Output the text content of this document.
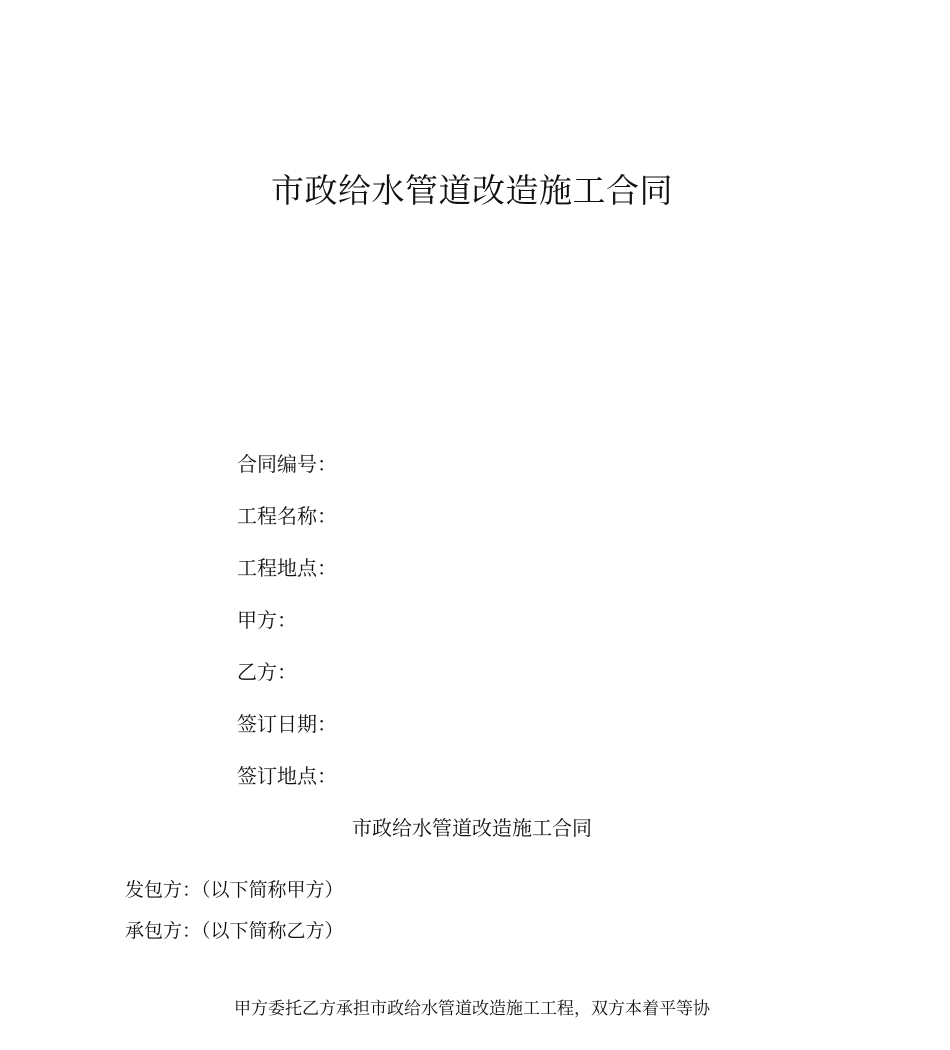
市政给水管道改造施工合同
合同编号：
工程名称：
工程地点：
甲方：
乙方：
签订日期：
签订地点：
市政给水管道改造施工合同
发包方：（以下简称甲方）
承包方：（以下简称乙方）
甲方委托乙方承担市政给水管道改造施工工程，双方本着平等协
